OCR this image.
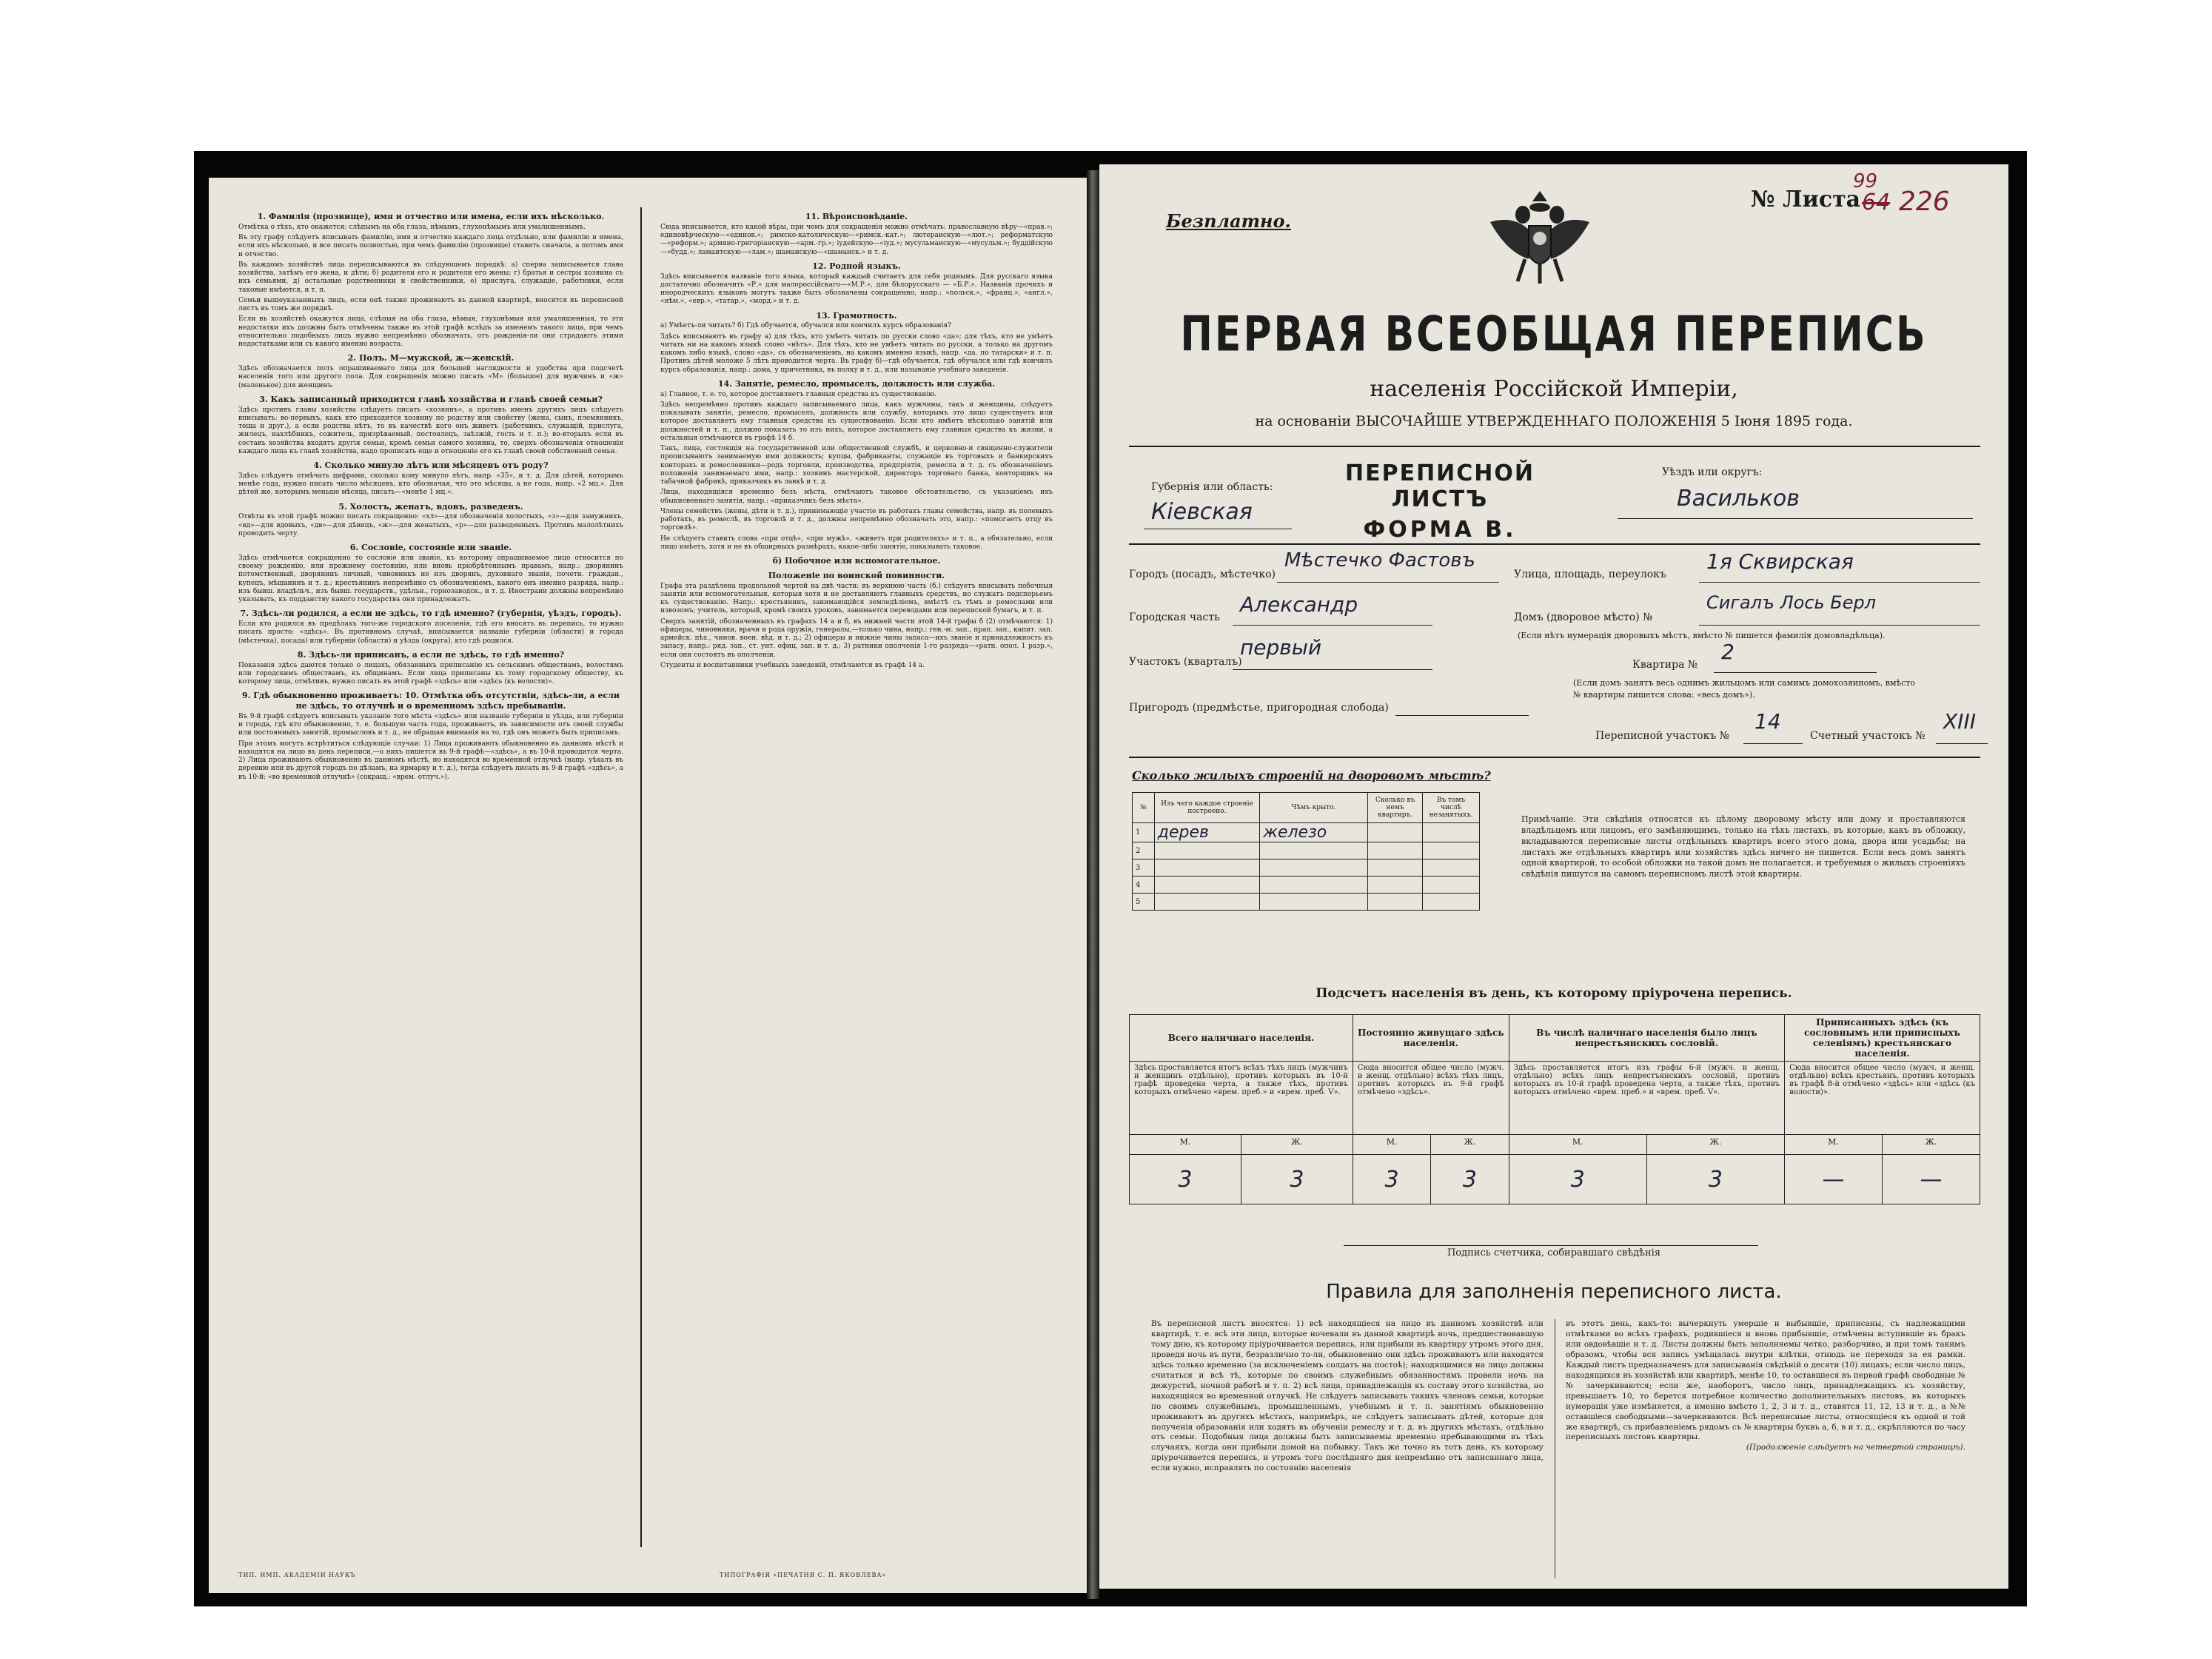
1. Фамилія (прозвище), имя и отчество или имена, если ихъ нѣсколько.

Отмѣтка о тѣхъ, кто окажется: слѣпымъ на оба глаза, нѣмымъ, глухонѣмымъ или умалишеннымъ.

Въ эту графу слѣдуетъ вписывать фамилію, имя и отчество каждаго лица отдѣльно, или фамилію и имена, если ихъ нѣсколько, и все писать полностью, при чемъ фамилію (прозвище) ставить сначала, а потомъ имя и отчество.

Въ каждомъ хозяйствѣ лица переписываются въ слѣдующемъ порядкѣ: а) сперва записывается глава хозяйства, затѣмъ его жена, и дѣти; б) родители его и родители его жены; г) братья и сестры хозяина съ ихъ семьями, д) остальные родственники и свойственники, е) прислуга, служащіе, работники, если таковые имѣются, и т. п.

Семьи вышеуказанныхъ лицъ, если онѣ также проживаютъ въ данной квартирѣ, вносятся въ переписной листъ въ томъ же порядкѣ.

Если въ хозяйствѣ окажутся лица, слѣпыя на оба глаза, нѣмыя, глухонѣмыя или умалишенныя, то эти недостатки ихъ должны быть отмѣчены также въ этой графѣ вслѣдъ за именемъ такого лица, при чемъ относительно подобныхъ лицъ нужно непремѣнно обозначать, отъ рожденія-ли они страдаютъ этими недостатками или съ какого именно возраста.

2. Полъ. М—мужской, ж—женскій.

Здѣсь обозначается полъ опрашиваемаго лица для большей наглядности и удобства при подсчетѣ населенія того или другого пола. Для сокращенія можно писать «М» (большое) для мужчинъ и «ж» (маленькое) для женщинъ.

3. Какъ записанный приходится главѣ хозяйства и главѣ своей семьи?

Здѣсь противъ главы хозяйства слѣдуетъ писать «хозяинъ», а противъ именъ другихъ лицъ слѣдуетъ вписывать: во-первыхъ, какъ кто приходится хозяину по родству или свойству (жена, сынъ, племянникъ, теща и друг.), а если родства нѣтъ, то въ качествѣ кого онъ живетъ (работникъ, служащій, прислуга, жилецъ, нахлѣбникъ, сожитель, призрѣваемый, постоялецъ, заѣзжій, гость и т. п.); во-вторыхъ если въ составъ хозяйства входятъ другія семьи, кромѣ семьи самого хозяина, то, сверхъ обозначенія отношенія каждаго лица къ главѣ хозяйства, надо прописать еще и отношеніе его къ главѣ своей собственной семьи.

4. Сколько минуло лѣтъ или мѣсяцевъ отъ роду?

Здѣсь слѣдуетъ отмѣчать цифрами, сколько кому минуло лѣтъ, напр. «35», и т. д. Для дѣтей, которымъ менѣе года, нужно писать число мѣсяцевъ, кто обозначая, что это мѣсяцы, а не года, напр. «2 мц.». Для дѣтей же, которымъ меньше мѣсяца, писать—«менѣе 1 мц.».

5. Холостъ, женатъ, вдовъ, разведенъ.

Отвѣты въ этой графѣ можно писать сокращенно: «хл»—для обозначенія холостыхъ, «з»—для замужнихъ, «вд»—для вдовыхъ, «дв»—для дѣвицъ, «ж»—для женатыхъ, «р»—для разведенныхъ. Противъ малолѣтнихъ проводить черту.

6. Сословіе, состояніе или званіе.

Здѣсь отмѣчается сокращенно то сословіе или званіе, къ которому опрашиваемое лицо относится по своему рожденію, или прежнему состоянію, или вновь пріобрѣтеннымъ правамъ, напр.: дворянинъ потомственный, дворянинъ личный, чиновникъ не изъ дворянъ, духовнаго званія, почетн. граждан., купецъ, мѣщанинъ и т. д.; крестьянинъ непремѣнно съ обозначеніемъ, какого онъ именно разряда, напр.: изъ бывш. владѣльч., изъ бывш. государств., удѣльн., горнозаводск., и т. д. Инострани должны непремѣнно указывать, къ подданству какого государства они принадлежатъ.

7. Здѣсь-ли родился, а если не здѣсь, то гдѣ именно? (губернія, уѣздъ, городъ).

Если кто родился въ предѣлахъ того-же городского поселенія, гдѣ его вносятъ въ перепись, то нужно писать просто: «здѣсь». Въ противномъ случаѣ, вписывается названіе губерніи (области) и города (мѣстечка), посада) или губерніи (области) и уѣзда (округа), кто гдѣ родился.

8. Здѣсь-ли приписанъ, а если не здѣсь, то гдѣ именно?

Показанія здѣсь даются только о лицахъ, обязанныхъ приписанію къ сельскимъ обществамъ, волостямъ или городскимъ обществамъ, къ общинамъ. Если лица приписаны къ тому городскому обществу, къ которому лица, отмѣтивъ, нужно писать въ этой графѣ «здѣсь» или «здѣсь (къ волости)».

9. Гдѣ обыкновенно проживаетъ: 10. Отмѣтка объ отсутствіи, здѣсь-ли, а если не здѣсь, то отлучнѣ и о временномъ здѣсь пребываніи.

Въ 9-й графѣ слѣдуетъ вписывать указаніе того мѣста «здѣсь» или названіе губерніи и уѣзда, или губерніи и города, гдѣ кто обыкновенно, т. е. большую часть года, проживаетъ, въ зависимости отъ своей службы или постоянныхъ занятій, промысловъ и т. д., не обращая вниманія на то, гдѣ онъ можетъ быть приписанъ.

При этомъ могутъ встрѣтиться слѣдующіе случаи: 1) Лица проживають обыкновенно въ данномъ мѣстѣ и находятся на лицо въ день переписи,—о нихъ пишется въ 9-й графѣ—«здѣсь», а въ 10-й проводится черта. 2) Лица проживають обыкновенно въ данномъ мѣстѣ, но находятся во временной отлучкѣ (напр. уѣхалъ въ деревню или въ другой городъ по дѣламъ, на ярмарку и т. д.), тогда слѣдуетъ писать въ 9-й графѣ «здѣсь», а въ 10-й: «во временной отлучкѣ» (сокращ.: «врем. отлуч.»).

11. Вѣроисповѣданіе.

Сюда вписывается, кто какой вѣры, при чемъ для сокращенія можно отмѣчать: православную вѣру—«прав.»; единовѣрческую—«единов.»; римско-католическую—«римск.-кат.»; лютеранскую—«лют.»; реформатскую—«реформ.»; армяно-григоріанскую—«арм.-гр.»; іудейскую—«іуд.»; мусульманскую—«мусульм.»; буддійскую—«будд.»; ламаитскую—«лам.»; шаманскую—«шаманск.» и т. д.

12. Родной языкъ.

Здѣсь вписывается названіе того языка, который каждый считаетъ для себя роднымъ. Для русскаго языка достаточно обозначить «Р.» для малороссійскаго—«М.Р.», для бѣлорусскаго — «Б.Р.». Названія прочихъ и инородческихъ языковъ могутъ также быть обозначены сокращенно, напр.: «польск.», «франц.», «англ.», «нѣм.», «евр.», «татар.», «морд.» и т. д.

13. Грамотность.

а) Умѣетъ-ли читать? б) Гдѣ обучается, обучался или кончилъ курсъ образованія?

Здѣсь вписываютъ въ графу а) для тѣхъ, кто умѣетъ читать по русски слово «да»; для тѣхъ, кто не умѣетъ читать ни на какомъ языкѣ слово «нѣтъ». Для тѣхъ, кто не умѣетъ читать по русски, а только на другомъ какомъ либо языкѣ, слово «да», съ обозначеніемъ, на какомъ именно языкѣ, напр. «да. по татарски» и т. п. Противъ дѣтей моложе 5 лѣтъ проводится черта. Въ графу б)—гдѣ обучается, гдѣ обучался или гдѣ кончилъ курсъ образованія, напр.: дома, у причетника, въ полку и т. д., или называніе учебнаго заведенія.

14. Занятіе, ремесло, промыселъ, должность или служба.

а) Главное, т. е. то, которое доставляетъ главныя средства къ существованію.

Здѣсь непремѣнно противъ каждаго записываемаго лица, какъ мужчины, такъ и женщины, слѣдуетъ показывать занятіе, ремесло, промыселъ, должность или службу, которымъ это лицо существуетъ или которое доставляетъ ему главныя средства къ существованію. Если кто имѣетъ нѣсколько занятій или должностей и т. п., должно показать то изъ нихъ, которое доставляетъ ему главныя средства къ жизни, а остальныя отмѣчаются въ графѣ 14 б.

Такъ, лица, состоящія на государственной или общественной службѣ, и церковно-и священно-служители прописываютъ занимаемую ими должность; купцы, фабриканты, служащіе въ торговыхъ и банкирскихъ конторахъ и ремесленники—родъ торговли, производства, предпріятія, ремесла и т. д. съ обозначеніемъ положенія занимаемаго ими, напр.: хозяинъ мастерской, директоръ торговаго банка, конторщикъ на табачной фабрикѣ, приказчикъ въ лавкѣ и т. д.

Лица, находящіяся временно безъ мѣста, отмѣчаютъ таковое обстоятельство, съ указаніемъ ихъ обыкновеннаго занятія, напр.: «приказчикъ безъ мѣста».

Члены семействъ (жены, дѣти и т. д.), принимающіе участіе въ работахъ главы семейства, напр. въ полевыхъ работахъ, въ ремеслѣ, въ торговлѣ и т. д., должны непремѣнно обозначать это, напр.: «помогаетъ отцу въ торговлѣ».

Не слѣдуетъ ставить слова «при отцѣ», «при мужѣ», «живетъ при родителяхъ» и т. п., а обязательно, если лицо имѣетъ, хотя и не въ обширныхъ размѣрахъ, какое-либо занятіе, показывать таковое.

б) Побочное или вспомогательное.
Положеніе по воинской повинности.

Графа эта раздѣлена продольной чертой на двѣ части: въ верхнюю часть (б.) слѣдуетъ вписывать побочныя занятія или вспомогательныя, которыя хотя и не доставляютъ главныхъ средствъ, но служатъ подспорьемъ къ существованію. Напр.: крестьянинъ, занимающійся земледѣліемъ, вмѣстѣ съ тѣмъ и ремеслами или извозомъ; учитель, который, кромѣ своихъ уроковъ, занимается переводами или перепиской бумагъ, и т. п.

Сверхъ занятій, обозначенныхъ въ графахъ 14 а и б, въ нижней части этой 14-й графы б (2) отмѣчаются: 1) офицеры, чиновники, врачи и рода оружія, генералы,—только чина, напр.: ген.-м. зап., прап. зап., капит. зап. армейск. пѣх., чинов. воен. вѣд. и т. д.; 2) офицеры и нижніе чины запаса—ихъ званіе и принадлежность къ запасу, напр.: ряд. зап., ст. унт. офиц. зап. и т. д.; 3) ратники ополченія 1-го разряда—«ратн. опол. 1 разр.», если они состоятъ въ ополченіи.

Студенты и воспитанники учебныхъ заведеній, отмѣчаются въ графѣ 14 а.

ТИП. ИМП. АКАДЕМІИ НАУКЪ	ТИПОГРАФІЯ «ПЕЧАТНЯ С. П. ЯКОВЛЕВА»
Безплатно.
№ Листа
99
64 226
ПЕРВАЯ ВСЕОБЩАЯ ПЕРЕПИСЬ
населенія Россійской Имперіи,
на основаніи ВЫСОЧАЙШЕ УТВЕРЖДЕННАГО ПОЛОЖЕНІЯ 5 Іюня 1895 года.
Губернія или область:
Кіевская
ПЕРЕПИСНОЙ ЛИСТЪ
ФОРМА В.
Уѣздъ или округъ:
Васильков
Городъ (посадъ, мѣстечко)
Мѣстечко Фастовъ
Улица, площадь, переулокъ
1я Сквирская
Городская часть
Александр
Домъ (дворовое мѣсто) №
Сигалъ Лось Берл
(Если нѣтъ нумерація дворовыхъ мѣстъ, вмѣсто № пишется фамилія домовладѣльца).
Участокъ (кварталъ)
первый
Квартира №
2
(Если домъ занятъ весь однимъ жильцомъ или самимъ домохозяиномъ, вмѣсто
№ квартиры пишется слова: «весь домъ»).
Пригородъ (предмѣстье, пригородная слобода)
Переписной участокъ №
14
Счетный участокъ №
XIII
Сколько жилыхъ строеній на дворовомъ мѣстѣ?
№	Изъ чего каждое строеніе построено.	Чѣмъ крыто.	Сколько въ немъ квартиръ.	Въ томъ числѣ незанятыхъ.
1	дерев	железо		
2				
3				
4				
5				
Примѣчаніе. Эти свѣдѣнія относятся къ цѣлому дворовому мѣсту или дому и проставляются владѣльцемъ или лицомъ, его замѣняющимъ, только на тѣхъ листахъ, въ которые, какъ въ обложку, вкладываются переписные листы отдѣльныхъ квартиръ всего этого дома, двора или усадьбы; на листахъ же отдѣльныхъ квартиръ или хозяйствъ здѣсь ничего не пишется. Если весь домъ занятъ одной квартирой, то особой обложки на такой домъ не полагается, и требуемыя о жилыхъ строеніяхъ свѣдѣнія пишутся на самомъ переписномъ листѣ этой квартиры.
Подсчетъ населенія въ день, къ которому пріурочена перепись.
Всего наличнаго населенія.		Постоянно живущаго здѣсь населенія.		Въ числѣ наличнаго населенія было лицъ непрестъянскихъ сословій.		Приписанныхъ здѣсь (къ сословнымъ или приписныхъ селеніямъ) крестьянскаго населенія.	
Здѣсь проставляется итогъ всѣхъ тѣхъ лицъ (мужчинъ и женщинъ отдѣльно), противъ которыхъ въ 10-й графѣ проведена черта, а также тѣхъ, противъ которыхъ отмѣчено «врем. преб.» и «врем. преб. V».		Сюда вносится общее число (мужч. и женщ. отдѣльно) всѣхъ тѣхъ лицъ, противъ которыхъ въ 9-й графѣ отмѣчено «здѣсь».		Здѣсь проставляется итогъ изъ графы 6-й (мужч. и женщ. отдѣльно) всѣхъ лицъ непрестъянскихъ сословій, противъ которыхъ въ 10-й графѣ проведена черта, а также тѣхъ, противъ которыхъ отмѣчено «врем. преб.» и «врем. преб. V».		Сюда вносится общее число (мужч. и женщ. отдѣльно) всѣхъ крестьянъ, противъ которыхъ въ графѣ 8-й отмѣчено «здѣсь» или «здѣсь (къ волости)».	
М.	Ж.	М.	Ж.	М.	Ж.	М.	Ж.
3	3	3	3	3	3	—	—
Подпись счетчика, собиравшаго свѣдѣнія
Правила для заполненія переписного листа.
Въ переписной листъ вносятся: 1) всѣ находящіеся на лицо въ данномъ хозяйствѣ или квартирѣ, т. е. всѣ эти лица, которые ночевали въ данной квартирѣ ночь, предшествовавшую тому дню, къ которому пріурочивается перепись, или прибыли въ квартиру утромъ этого дня, проведя ночь въ пути, безразлично то-ли, обыкновенно они здѣсь проживаютъ или находятся здѣсь только временно (за исключеніемъ солдатъ на постоѣ); находящимися на лицо должны считаться и всѣ тѣ, которые по своимъ служебнымъ обязанностямъ провели ночь на дежурствѣ, ночной работѣ и т. п. 2) всѣ лица, принадлежащія къ составу этого хозяйства, но находящіяся во временной отлучкѣ. Не слѣдуетъ записывать такихъ членовъ семьи, которые по своимъ служебнымъ, промышленнымъ, учебнымъ и т. п. занятіямъ обыкновенно проживаютъ въ другихъ мѣстахъ, напримѣръ, не слѣдуетъ записывать дѣтей, которые для полученія образованія или ходятъ въ обученіи ремеслу и т. д. въ другихъ мѣстахъ, отдѣльно отъ семьи. Подобныя лица должны быть записываемы временно пребывающими въ тѣхъ случаяхъ, когда они прибыли домой на побывку. Такъ же точно въ тотъ день, къ которому пріурочивается перепись, и утромъ того послѣдняго дня непремѣнно отъ записаннаго лица, если нужно, исправлять по состоянію населенія
въ этотъ день, какъ-то: вычеркнуть умершіе и выбывшіе, приписаны, съ надлежащими отмѣтками во всѣхъ графахъ, родившіеся и вновь прибывшіе, отмѣчены вступившіе въ бракъ или овдовѣвшіе и т. д. Листы должны быть заполняемы четко, разборчиво, и при томъ такимъ образомъ, чтобы вся запись умѣщалась внутри клѣтки, отнюдь не переходя за ея рамки. Каждый листъ предназначенъ для записыванія свѣдѣній о десяти (10) лицахъ; если число лицъ, находящихся въ хозяйствѣ или квартирѣ, менѣе 10, то оставшіеся въ первой графѣ свободные №№ зачеркиваются; если же, наоборотъ, число лицъ, принадлежащихъ къ хозяйству, превышаетъ 10, то берется потребное количество дополнительныхъ листовъ, въ которыхъ нумерація уже измѣняется, а именно вмѣсто 1, 2, 3 и т. д., ставятся 11, 12, 13 и т. д., а №№ оставшіеся свободными—зачеркиваются. Всѣ переписные листы, относящіеся къ одной и той же квартирѣ, съ прибавленіемъ рядомъ съ № квартиры буквъ а, б, в и т. д., скрѣпляются по часу переписныхъ листовъ квартиры.
(Продолженіе слѣдуетъ на четвертой страницѣ).
